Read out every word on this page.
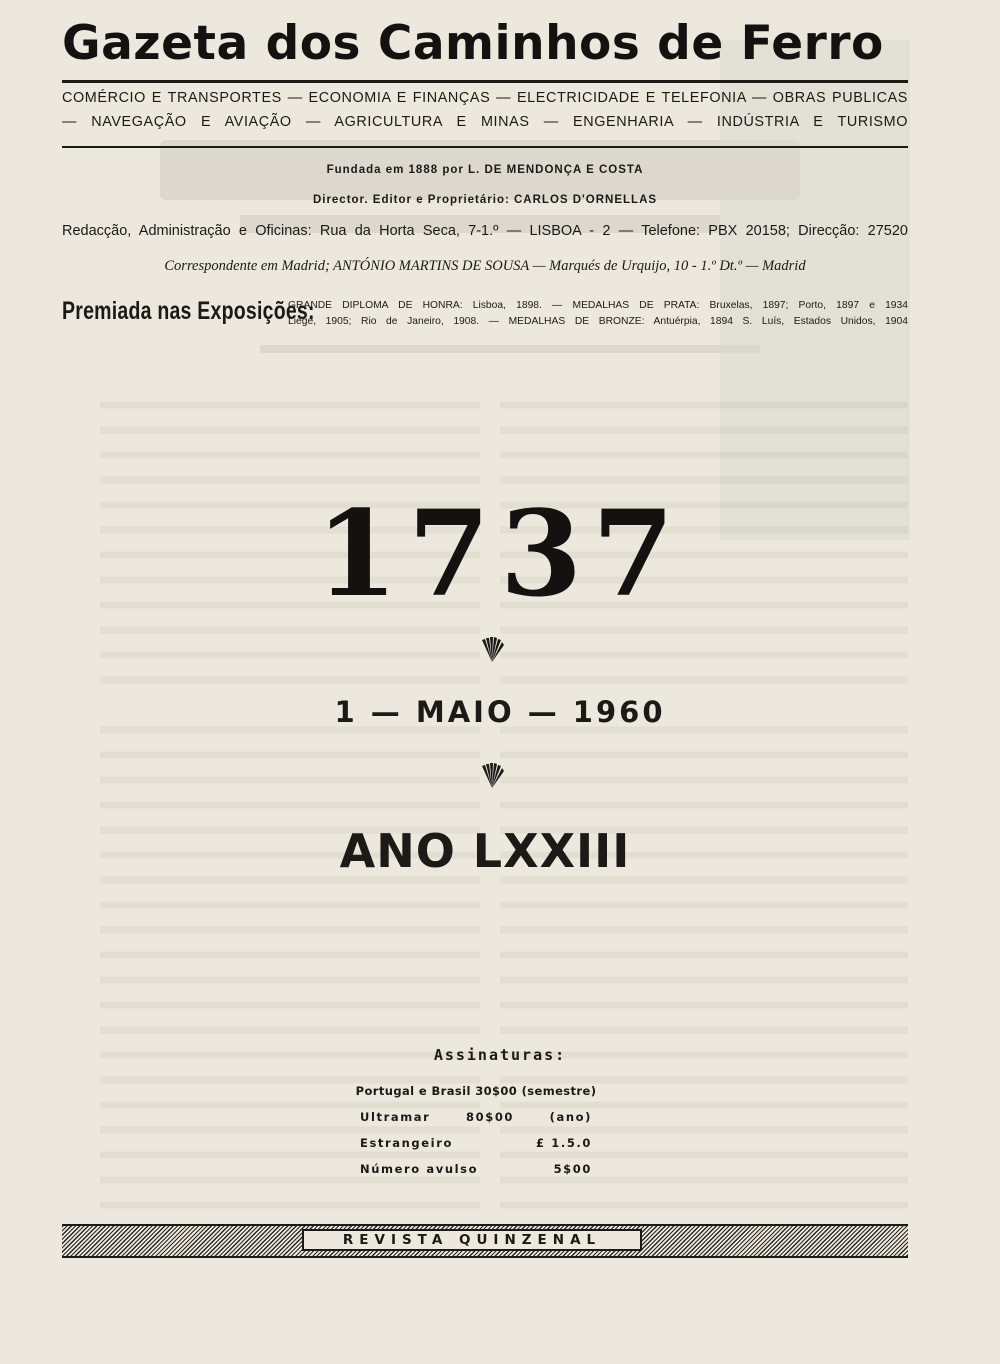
Gazeta dos Caminhos de Ferro
COMÉRCIO E TRANSPORTES — ECONOMIA E FINANÇAS — ELECTRICIDADE E TELEFONIA — OBRAS PUBLICAS
— NAVEGAÇÃO E AVIAÇÃO — AGRICULTURA E MINAS — ENGENHARIA — INDÚSTRIA E TURISMO
Fundada em 1888 por L. DE MENDONÇA E COSTA
Director. Editor e Proprietário: CARLOS D'ORNELLAS
Redacção, Administração e Oficinas: Rua da Horta Seca, 7-1.º — LISBOA - 2 — Telefone: PBX 20158; Direcção: 27520
Correspondente em Madrid; ANTÓNIO MARTINS DE SOUSA — Marqués de Urquijo, 10 - 1.º Dt.º — Madrid
Premiada nas Exposições:
GRANDE DIPLOMA DE HONRA: Lisboa, 1898. — MEDALHAS DE PRATA: Bruxelas, 1897; Porto, 1897 e 1934
Liège, 1905; Rio de Janeiro, 1908. — MEDALHAS DE BRONZE: Antuérpia, 1894 S. Luís, Estados Unidos, 1904
1737
1 — MAIO — 1960
ANO LXXIII
Assinaturas:
Portugal e Brasil 30$00 (semestre)
Ultramar	80$00	(ano)
Estrangeiro	£ 1.5.0
Número avulso	5$00
REVISTA QUINZENAL
